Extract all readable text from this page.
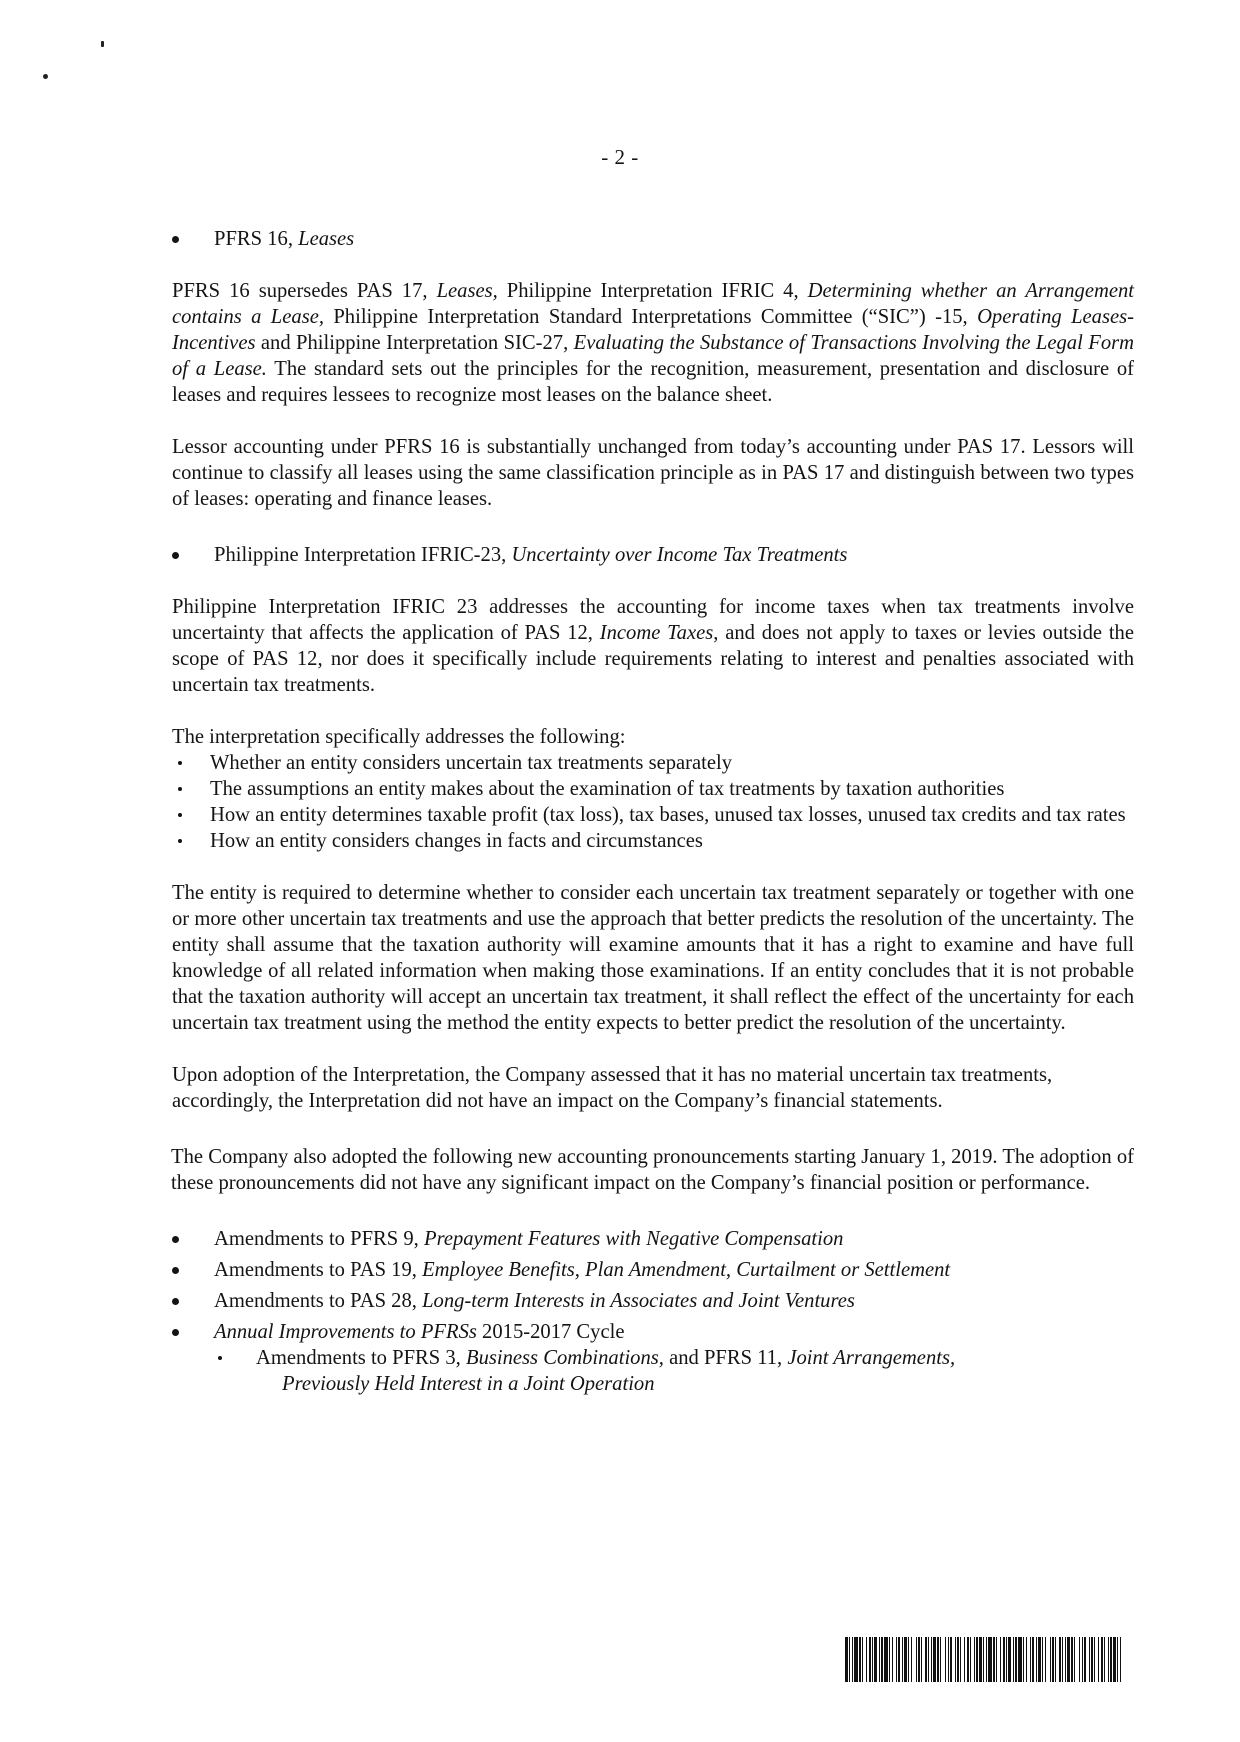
- 2 -
PFRS 16, Leases

PFRS 16 supersedes PAS 17, Leases, Philippine Interpretation IFRIC 4, Determining whether an Arrangement contains a Lease, Philippine Interpretation Standard Interpretations Committee (“SIC”) -15, Operating Leases-Incentives and Philippine Interpretation SIC-27, Evaluating the Substance of Transactions Involving the Legal Form of a Lease. The standard sets out the principles for the recognition, measurement, presentation and disclosure of leases and requires lessees to recognize most leases on the balance sheet.

Lessor accounting under PFRS 16 is substantially unchanged from today’s accounting under PAS 17. Lessors will continue to classify all leases using the same classification principle as in PAS 17 and distinguish between two types of leases: operating and finance leases.

Philippine Interpretation IFRIC-23, Uncertainty over Income Tax Treatments

Philippine Interpretation IFRIC 23 addresses the accounting for income taxes when tax treatments involve uncertainty that affects the application of PAS 12, Income Taxes, and does not apply to taxes or levies outside the scope of PAS 12, nor does it specifically include requirements relating to interest and penalties associated with uncertain tax treatments.

The interpretation specifically addresses the following:

Whether an entity considers uncertain tax treatments separately
The assumptions an entity makes about the examination of tax treatments by taxation authorities
How an entity determines taxable profit (tax loss), tax bases, unused tax losses, unused tax credits and tax rates
How an entity considers changes in facts and circumstances

The entity is required to determine whether to consider each uncertain tax treatment separately or together with one or more other uncertain tax treatments and use the approach that better predicts the resolution of the uncertainty. The entity shall assume that the taxation authority will examine amounts that it has a right to examine and have full knowledge of all related information when making those examinations. If an entity concludes that it is not probable that the taxation authority will accept an uncertain tax treatment, it shall reflect the effect of the uncertainty for each uncertain tax treatment using the method the entity expects to better predict the resolution of the uncertainty.

Upon adoption of the Interpretation, the Company assessed that it has no material uncertain tax treatments, accordingly, the Interpretation did not have an impact on the Company’s financial statements.

The Company also adopted the following new accounting pronouncements starting January 1, 2019. The adoption of these pronouncements did not have any significant impact on the Company’s financial position or performance.

Amendments to PFRS 9, Prepayment Features with Negative Compensation
Amendments to PAS 19, Employee Benefits, Plan Amendment, Curtailment or Settlement
Amendments to PAS 28, Long-term Interests in Associates and Joint Ventures
Annual Improvements to PFRSs 2015-2017 Cycle
Amendments to PFRS 3, Business Combinations, and PFRS 11, Joint Arrangements,
Previously Held Interest in a Joint Operation
